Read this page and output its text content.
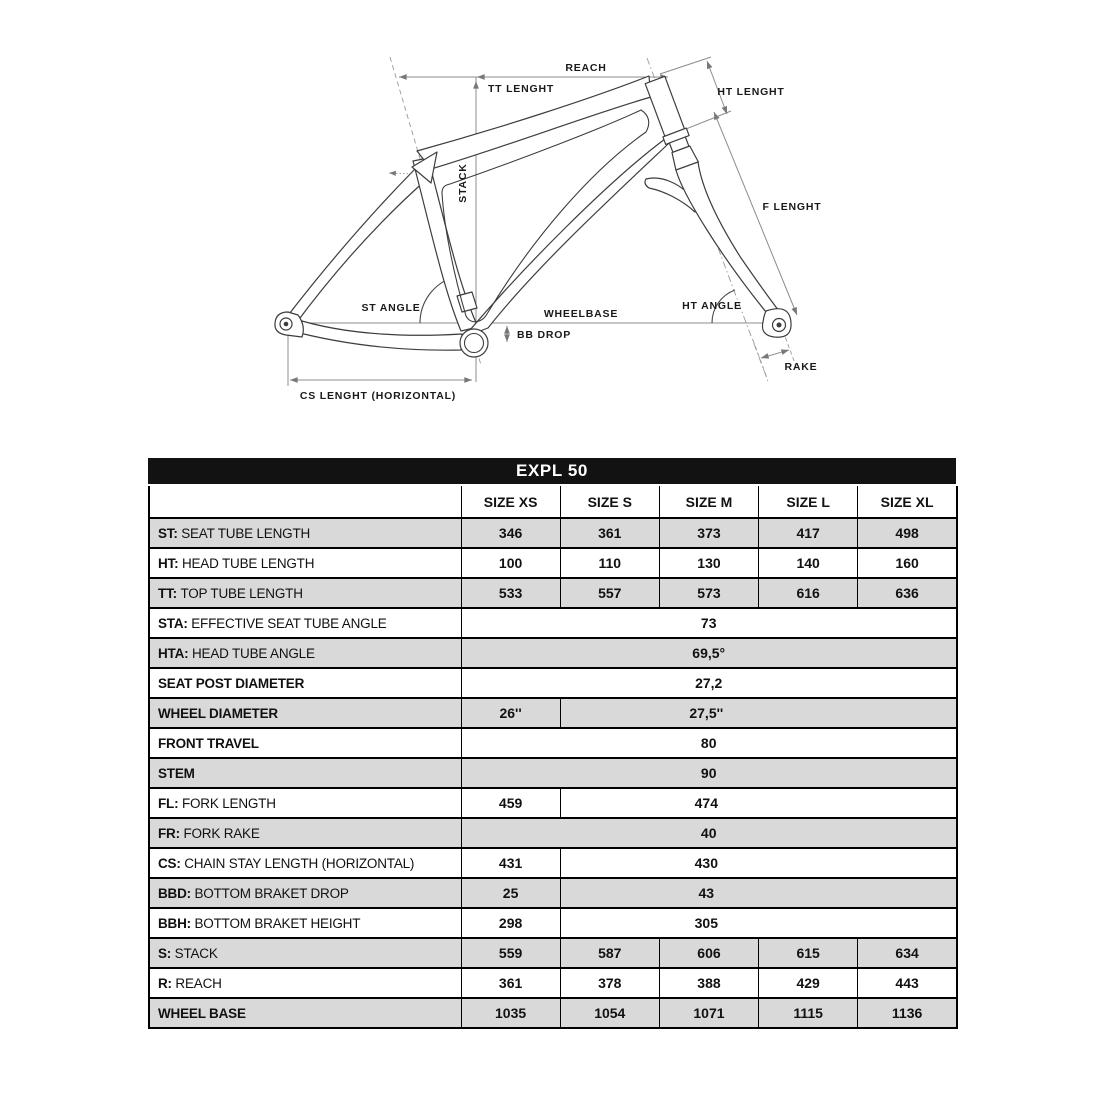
REACH
TT LENGHT	HT LENGHT
STACK
F LENGHT
ST ANGLE	WHEELBASE
BB DROP
HT ANGLE
RAKE
CS LENGHT (HORIZONTAL)
EXPL 50
	SIZE XS	SIZE S	SIZE M	SIZE L	SIZE XL
ST: SEAT TUBE LENGTH	346	361	373	417	498
HT: HEAD TUBE LENGTH	100	110	130	140	160
TT: TOP TUBE LENGTH	533	557	573	616	636
STA: EFFECTIVE SEAT TUBE ANGLE	73				
HTA: HEAD TUBE ANGLE	69,5°				
SEAT POST DIAMETER	27,2				
WHEEL DIAMETER	26''	27,5''			
FRONT TRAVEL	80				
STEM	90				
FL: FORK LENGTH	459	474			
FR: FORK RAKE	40				
CS: CHAIN STAY LENGTH (HORIZONTAL)	431	430			
BBD: BOTTOM BRAKET DROP	25	43			
BBH: BOTTOM BRAKET HEIGHT	298	305			
S: STACK	559	587	606	615	634
R: REACH	361	378	388	429	443
WHEEL BASE	1035	1054	1071	1115	1136
